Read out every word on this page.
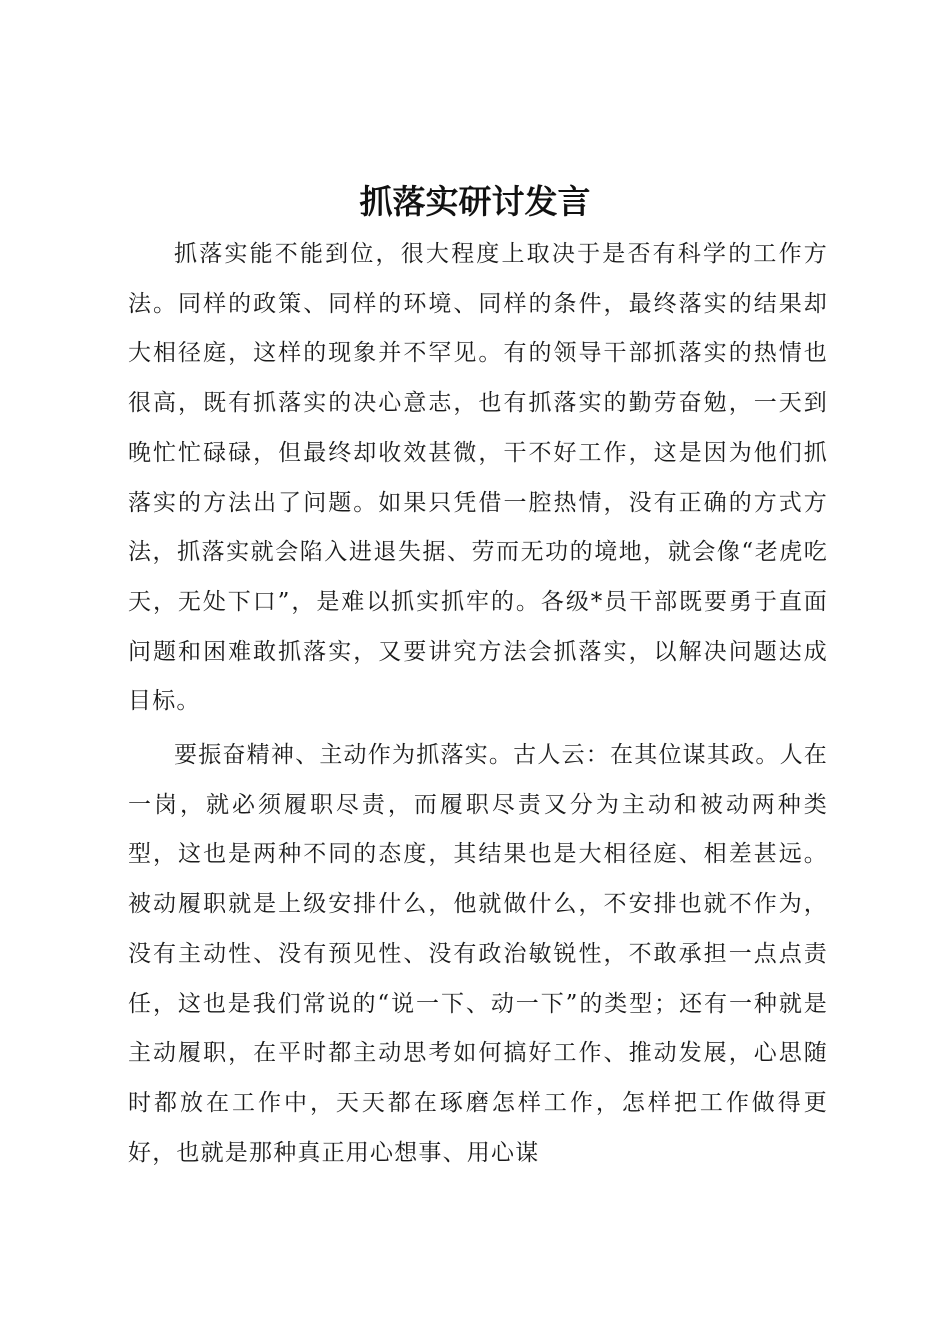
抓落实研讨发言

抓落实能不能到位，很大程度上取决于是否有科学的工作方法。同样的政策、同样的环境、同样的条件，最终落实的结果却大相径庭，这样的现象并不罕见。有的领导干部抓落实的热情也很高，既有抓落实的决心意志，也有抓落实的勤劳奋勉，一天到晚忙忙碌碌，但最终却收效甚微，干不好工作，这是因为他们抓落实的方法出了问题。如果只凭借一腔热情，没有正确的方式方法，抓落实就会陷入进退失据、劳而无功的境地，就会像“老虎吃天，无处下口”，是难以抓实抓牢的。各级*员干部既要勇于直面问题和困难敢抓落实，又要讲究方法会抓落实，以解决问题达成目标。

要振奋精神、主动作为抓落实。古人云：在其位谋其政。人在一岗，就必须履职尽责，而履职尽责又分为主动和被动两种类型，这也是两种不同的态度，其结果也是大相径庭、相差甚远。被动履职就是上级安排什么，他就做什么，不安排也就不作为，没有主动性、没有预见性、没有政治敏锐性，不敢承担一点点责任，这也是我们常说的“说一下、动一下”的类型；还有一种就是主动履职，在平时都主动思考如何搞好工作、推动发展，心思随时都放在工作中，天天都在琢磨怎样工作，怎样把工作做得更好，也就是那种真正用心想事、用心谋
